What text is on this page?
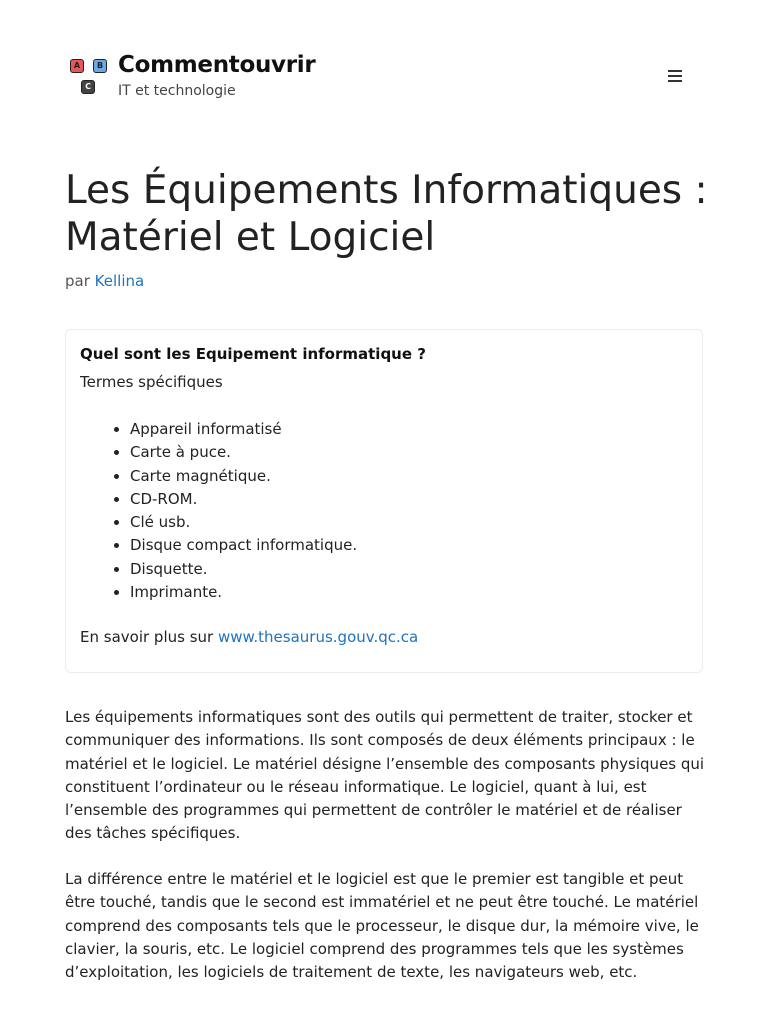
A	B
C
Commentouvrir
IT et technologie
Les Équipements Informatiques : Matériel et Logiciel
par Kellina

Quel sont les Equipement informatique ?

Termes spécifiques
• Appareil informatisé
• Carte à puce.
• Carte magnétique.
• CD-ROM.
• Clé usb.
• Disque compact informatique.
• Disquette.
• Imprimante.
En savoir plus sur www.thesaurus.gouv.qc.ca

Les équipements informatiques sont des outils qui permettent de traiter, stocker et communiquer des informations. Ils sont composés de deux éléments principaux : le matériel et le logiciel. Le matériel désigne l’ensemble des composants physiques qui constituent l’ordinateur ou le réseau informatique. Le logiciel, quant à lui, est l’ensemble des programmes qui permettent de contrôler le matériel et de réaliser des tâches spécifiques.

La différence entre le matériel et le logiciel est que le premier est tangible et peut être touché, tandis que le second est immatériel et ne peut être touché. Le matériel comprend des composants tels que le processeur, le disque dur, la mémoire vive, le clavier, la souris, etc. Le logiciel comprend des programmes tels que les systèmes d’exploitation, les logiciels de traitement de texte, les navigateurs web, etc.
